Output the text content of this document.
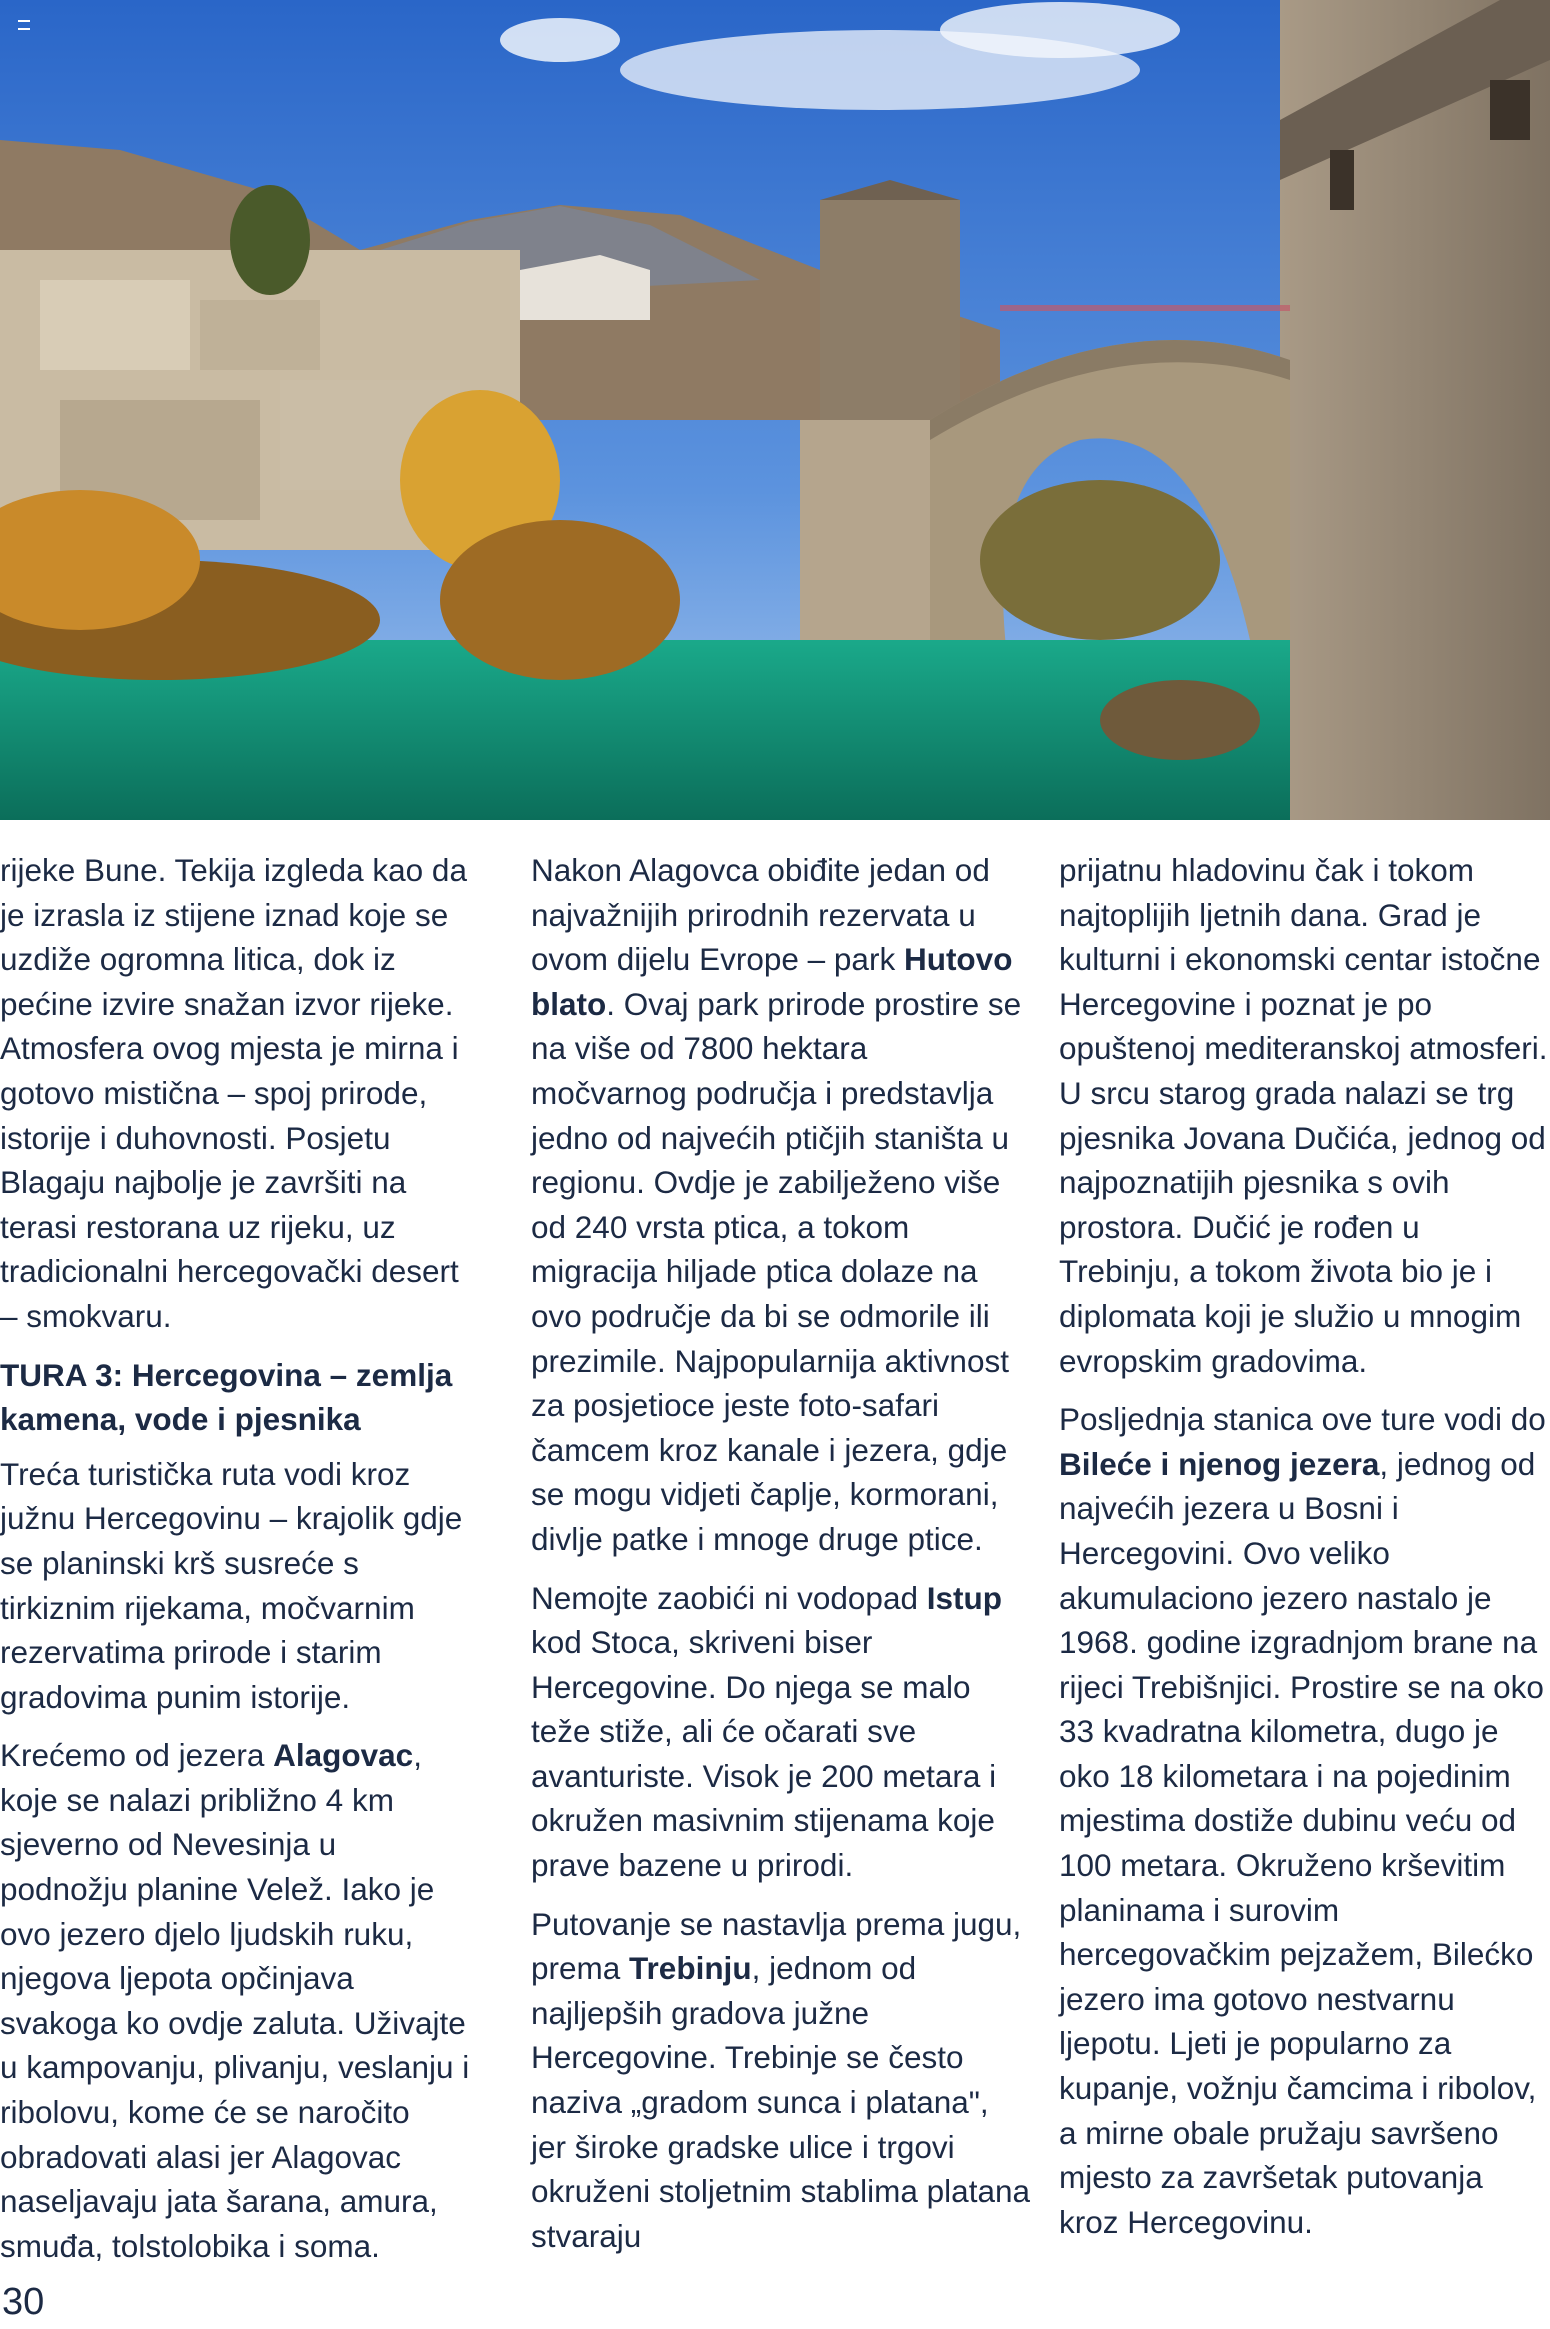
rijeke Bune. Tekija izgleda kao da je izrasla iz stijene iznad koje se uzdiže ogromna litica, dok iz pećine izvire snažan izvor rijeke. Atmosfera ovog mjesta je mirna i gotovo mistična – spoj prirode, istorije i duhovnosti. Posjetu Blagaju najbolje je završiti na terasi restorana uz rijeku, uz tradicionalni hercegovački desert – smokvaru.

TURA 3: Hercegovina – zemlja kamena, vode i pjesnika

Treća turistička ruta vodi kroz južnu Hercegovinu – krajolik gdje se planinski krš susreće s tirkiznim rijekama, močvarnim rezervatima prirode i starim gradovima punim istorije.

Krećemo od jezera Alagovac, koje se nalazi približno 4 km sjeverno od Nevesinja u podnožju planine Velež. Iako je ovo jezero djelo ljudskih ruku, njegova ljepota opčinjava svakoga ko ovdje zaluta. Uživajte u kampovanju, plivanju, veslanju i ribolovu, kome će se naročito obradovati alasi jer Alagovac naseljavaju jata šarana, amura, smuđa, tolstolobika i soma.

Nakon Alagovca obiđite jedan od najvažnijih prirodnih rezervata u ovom dijelu Evrope – park Hutovo blato. Ovaj park prirode prostire se na više od 7800 hektara močvarnog područja i predstavlja jedno od najvećih ptičjih staništa u regionu. Ovdje je zabilježeno više od 240 vrsta ptica, a tokom migracija hiljade ptica dolaze na ovo područje da bi se odmorile ili prezimile. Najpopularnija aktivnost za posjetioce jeste foto-safari čamcem kroz kanale i jezera, gdje se mogu vidjeti čaplje, kormorani, divlje patke i mnoge druge ptice.

Nemojte zaobići ni vodopad Istup kod Stoca, skriveni biser Hercegovine. Do njega se malo teže stiže, ali će očarati sve avanturiste. Visok je 200 metara i okružen masivnim stijenama koje prave bazene u prirodi.

Putovanje se nastavlja prema jugu, prema Trebinju, jednom od najljepših gradova južne Hercegovine. Trebinje se često naziva „gradom sunca i platana", jer široke gradske ulice i trgovi okruženi stoljetnim stablima platana stvaraju

prijatnu hladovinu čak i tokom najtoplijih ljetnih dana. Grad je kulturni i ekonomski centar istočne Hercegovine i poznat je po opuštenoj mediteranskoj atmosferi. U srcu starog grada nalazi se trg pjesnika Jovana Dučića, jednog od najpoznatijih pjesnika s ovih prostora. Dučić je rođen u Trebinju, a tokom života bio je i diplomata koji je služio u mnogim evropskim gradovima.

Posljednja stanica ove ture vodi do Bileće i njenog jezera, jednog od najvećih jezera u Bosni i Hercegovini. Ovo veliko akumulaciono jezero nastalo je 1968. godine izgradnjom brane na rijeci Trebišnjici. Prostire se na oko 33 kvadratna kilometra, dugo je oko 18 kilometara i na pojedinim mjestima dostiže dubinu veću od 100 metara. Okruženo krševitim planinama i surovim hercegovačkim pejzažem, Bilećko jezero ima gotovo nestvarnu ljepotu. Ljeti je popularno za kupanje, vožnju čamcima i ribolov, a mirne obale pružaju savršeno mjesto za završetak putovanja kroz Hercegovinu.

30
